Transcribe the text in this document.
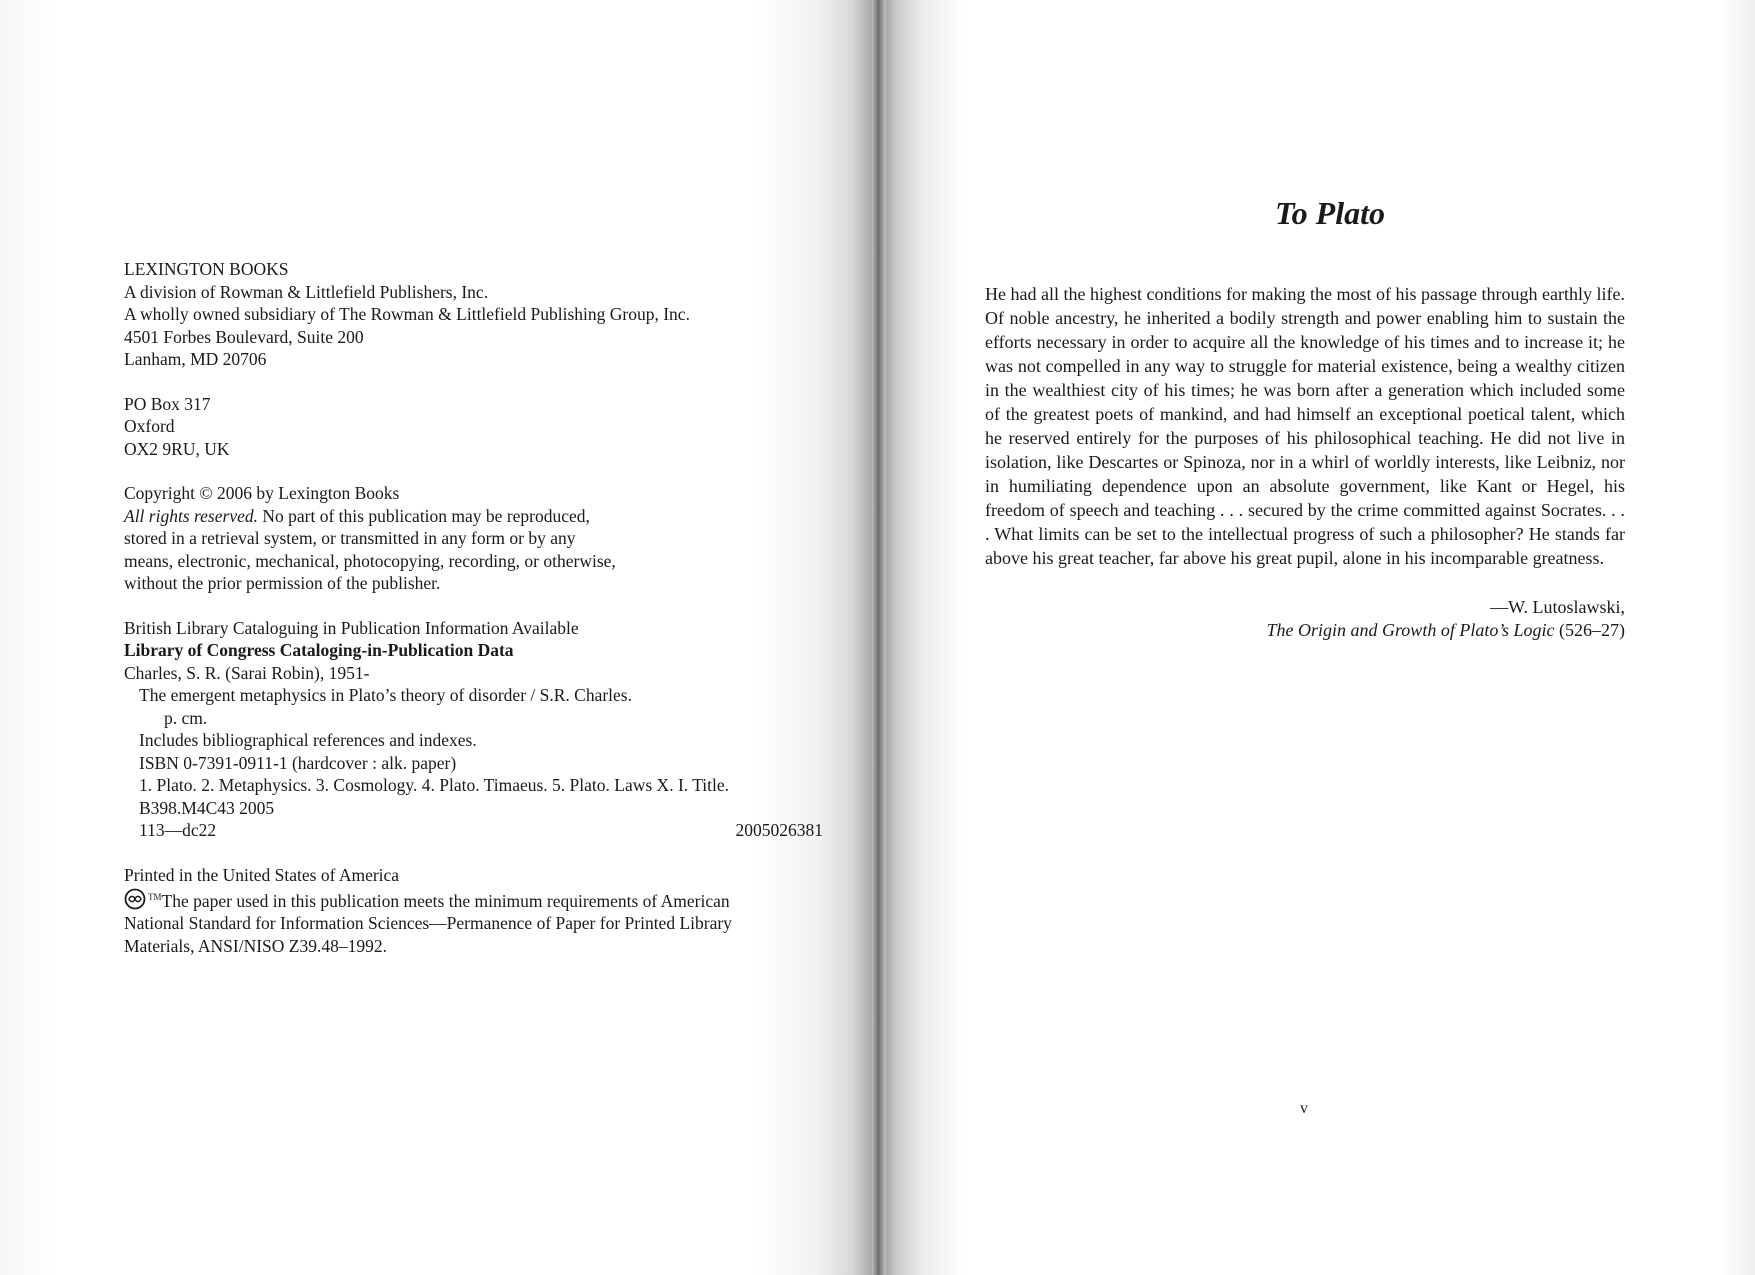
LEXINGTON BOOKS

A division of Rowman & Littlefield Publishers, Inc.

A wholly owned subsidiary of The Rowman & Littlefield Publishing Group, Inc.

4501 Forbes Boulevard, Suite 200

Lanham, MD 20706

PO Box 317

Oxford

OX2 9RU, UK

Copyright © 2006 by Lexington Books

All rights reserved. No part of this publication may be reproduced,

stored in a retrieval system, or transmitted in any form or by any

means, electronic, mechanical, photocopying, recording, or otherwise,

without the prior permission of the publisher.

British Library Cataloguing in Publication Information Available

Library of Congress Cataloging-in-Publication Data

Charles, S. R. (Sarai Robin), 1951-

The emergent metaphysics in Plato’s theory of disorder / S.R. Charles.

p. cm.

Includes bibliographical references and indexes.

ISBN 0-7391-0911-1 (hardcover : alk. paper)

1. Plato. 2. Metaphysics. 3. Cosmology. 4. Plato. Timaeus. 5. Plato. Laws X. I. Title.

B398.M4C43 2005

113—dc22	2005026381

Printed in the United States of America

™The paper used in this publication meets the minimum requirements of American

National Standard for Information Sciences—Permanence of Paper for Printed Library

Materials, ANSI/NISO Z39.48–1992.

To Plato

He had all the highest conditions for making the most of his passage through earthly life. Of noble ancestry, he inherited a bodily strength and power enabling him to sustain the efforts necessary in order to acquire all the knowledge of his times and to increase it; he was not compelled in any way to struggle for material existence, being a wealthy citizen in the wealthiest city of his times; he was born after a generation which included some of the greatest poets of mankind, and had himself an exceptional poetical talent, which he reserved entirely for the purposes of his philosophical teaching. He did not live in isolation, like Descartes or Spinoza, nor in a whirl of worldly interests, like Leibniz, nor in humiliating dependence upon an absolute government, like Kant or Hegel, his freedom of speech and teaching . . . secured by the crime committed against Socrates. . . . What limits can be set to the intellectual progress of such a philosopher? He stands far above his great teacher, far above his great pupil, alone in his incomparable greatness.

—W. Lutoslawski,
The Origin and Growth of Plato’s Logic (526–27)
v
